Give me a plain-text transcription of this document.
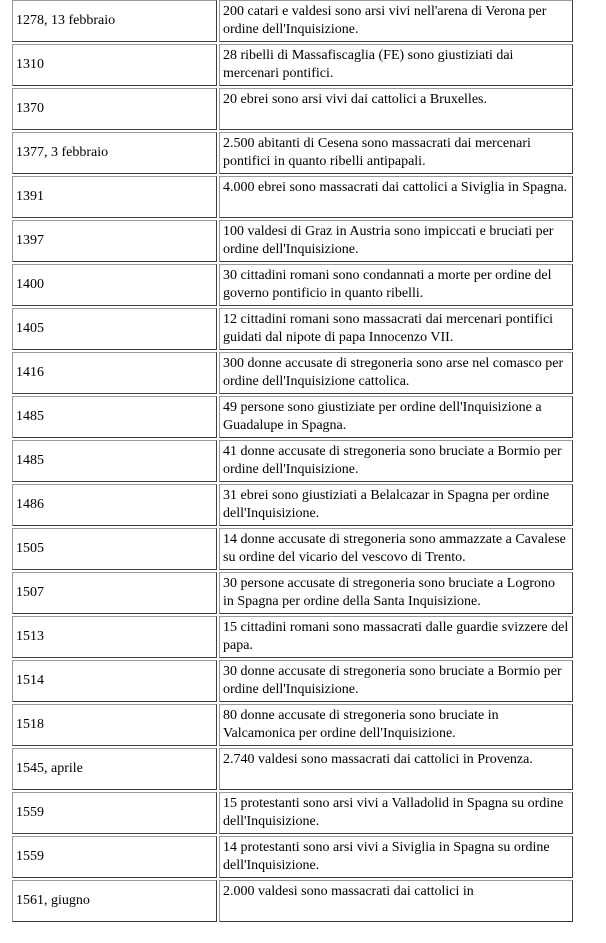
1278, 13 febbraio	200 catari e valdesi sono arsi vivi nell'arena di Verona per ordine dell'Inquisizione.

1310	28 ribelli di Massafiscaglia (FE) sono giustiziati dai mercenari pontifici.

1370	20 ebrei sono arsi vivi dai cattolici a Bruxelles.

1377, 3 febbraio	2.500 abitanti di Cesena sono massacrati dai mercenari pontifici in quanto ribelli antipapali.

1391	4.000 ebrei sono massacrati dai cattolici a Siviglia in Spagna.

1397	100 valdesi di Graz in Austria sono impiccati e bruciati per ordine dell'Inquisizione.

1400	30 cittadini romani sono condannati a morte per ordine del governo pontificio in quanto ribelli.

1405	12 cittadini romani sono massacrati dai mercenari pontifici guidati dal nipote di papa Innocenzo VII.

1416	300 donne accusate di stregoneria sono arse nel comasco per ordine dell'Inquisizione cattolica.

1485	49 persone sono giustiziate per ordine dell'Inquisizione a Guadalupe in Spagna.

1485	41 donne accusate di stregoneria sono bruciate a Bormio per ordine dell'Inquisizione.

1486	31 ebrei sono giustiziati a Belalcazar in Spagna per ordine dell'Inquisizione.

1505	14 donne accusate di stregoneria sono ammazzate a Cavalese su ordine del vicario del vescovo di Trento.

1507	30 persone accusate di stregoneria sono bruciate a Logrono in Spagna per ordine della Santa Inquisizione.

1513	15 cittadini romani sono massacrati dalle guardie svizzere del papa.

1514	30 donne accusate di stregoneria sono bruciate a Bormio per ordine dell'Inquisizione.

1518	80 donne accusate di stregoneria sono bruciate in Valcamonica per ordine dell'Inquisizione.

1545, aprile	2.740 valdesi sono massacrati dai cattolici in Provenza.

1559	15 protestanti sono arsi vivi a Valladolid in Spagna su ordine dell'Inquisizione.

1559	14 protestanti sono arsi vivi a Siviglia in Spagna su ordine dell'Inquisizione.

1561, giugno	2.000 valdesi sono massacrati dai cattolici in
